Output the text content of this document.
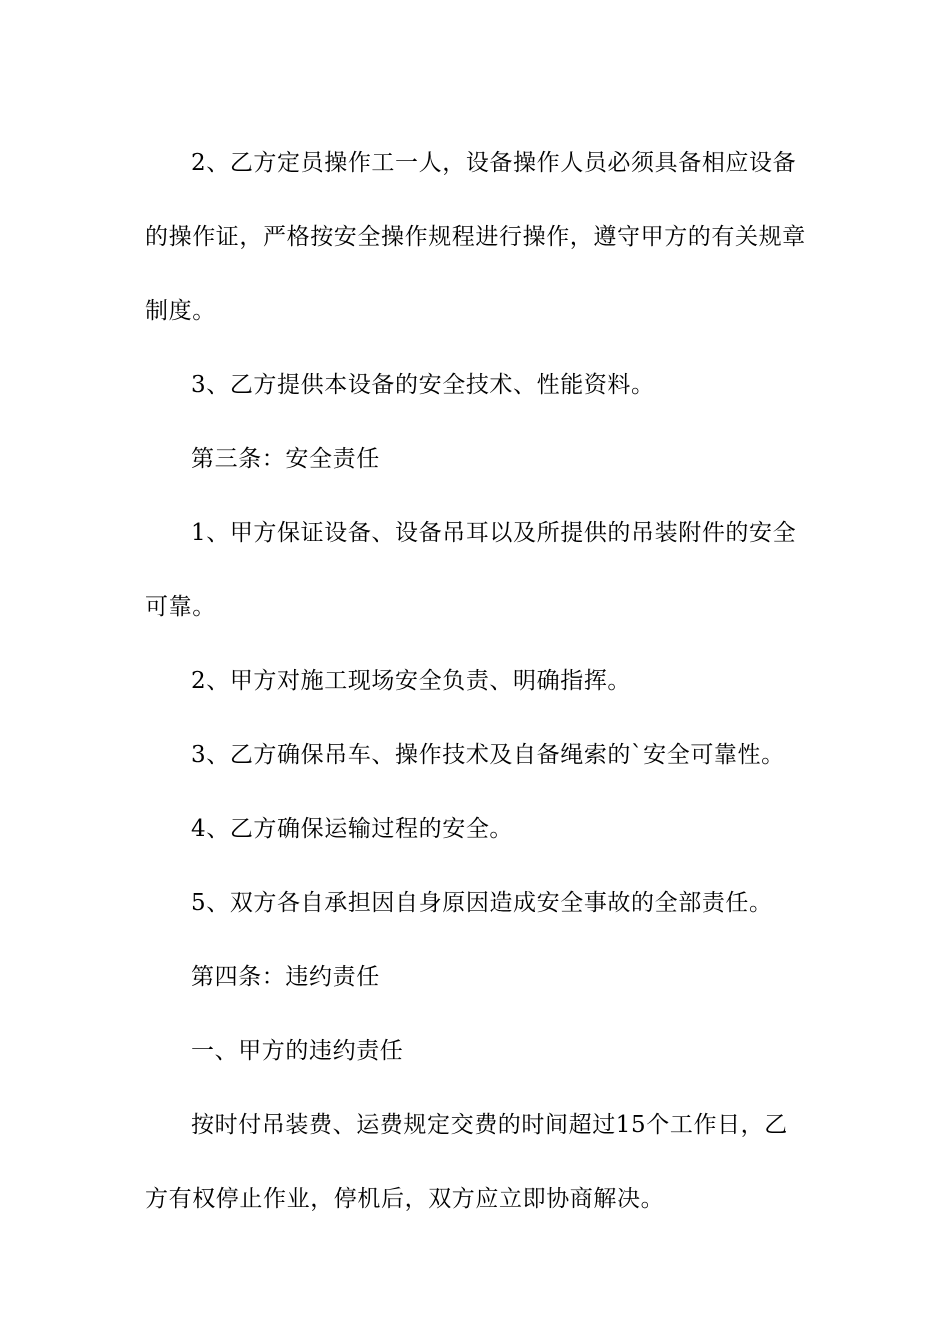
2、乙方定员操作工一人，设备操作人员必须具备相应设备的操作证，严格按安全操作规程进行操作，遵守甲方的有关规章制度。

3、乙方提供本设备的安全技术、性能资料。

第三条：安全责任

1、甲方保证设备、设备吊耳以及所提供的吊装附件的安全可靠。

2、甲方对施工现场安全负责、明确指挥。

3、乙方确保吊车、操作技术及自备绳索的`安全可靠性。

4、乙方确保运输过程的安全。

5、双方各自承担因自身原因造成安全事故的全部责任。

第四条：违约责任

一、甲方的违约责任

按时付吊装费、运费规定交费的时间超过15个工作日，乙方有权停止作业，停机后，双方应立即协商解决。
